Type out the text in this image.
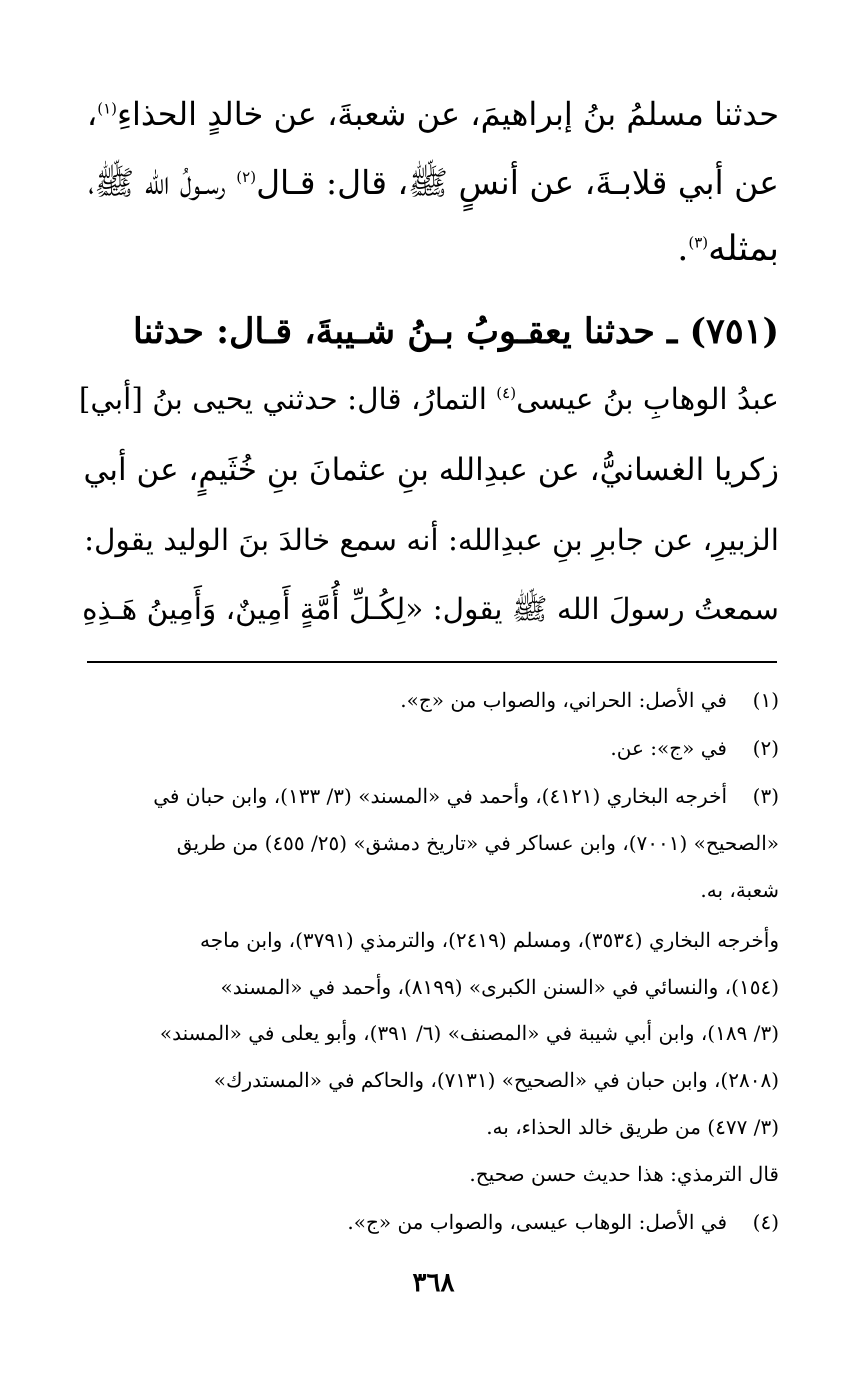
حدثنا مسلمُ بنُ إبراهيمَ، عن شعبةَ، عن خالدٍ الحذاءِ$^{(١)}$،
عن أبي قلابـةَ، عن أنسٍ ﷺ، قال: قـال$^{(٢)}$ رسـولُ الله ﷺ،
بمثله$^{(٣)}$.
(٧٥١) ـ حدثنا يعقـوبُ بـنُ شـيبةَ، قـال: حدثنا
عبدُ الوهابِ بنُ عيسى$^{(٤)}$ التمارُ، قال: حدثني يحيى بنُ [أبي]
زكريا الغسانيُّ، عن عبدِالله بنِ عثمانَ بنِ خُثَيمٍ، عن أبي
الزبيرِ، عن جابرِ بنِ عبدِالله: أنه سمع خالدَ بنَ الوليد يقول:
سمعتُ رسولَ الله ﷺ يقول: «لِكُـلِّ أُمَّةٍ أَمِينٌ، وَأَمِينُ هَـذِهِ
(١)في الأصل: الحراني، والصواب من «ج».
(٢)في «ج»: عن.
(٣)أخرجه البخاري (٤١٢١)، وأحمد في «المسند» (٣/ ١٣٣)، وابن حبان في
«الصحيح» (٧٠٠١)، وابن عساكر في «تاريخ دمشق» (٢٥/ ٤٥٥) من طريق
شعبة، به.
وأخرجه البخاري (٣٥٣٤)، ومسلم (٢٤١٩)، والترمذي (٣٧٩١)، وابن ماجه
(١٥٤)، والنسائي في «السنن الكبرى» (٨١٩٩)، وأحمد في «المسند»
(٣/ ١٨٩)، وابن أبي شيبة في «المصنف» (٦/ ٣٩١)، وأبو يعلى في «المسند»
(٢٨٠٨)، وابن حبان في «الصحيح» (٧١٣١)، والحاكم في «المستدرك»
(٣/ ٤٧٧) من طريق خالد الحذاء، به.
قال الترمذي: هذا حديث حسن صحيح.
(٤)في الأصل: الوهاب عيسى، والصواب من «ج».
٣٦٨
